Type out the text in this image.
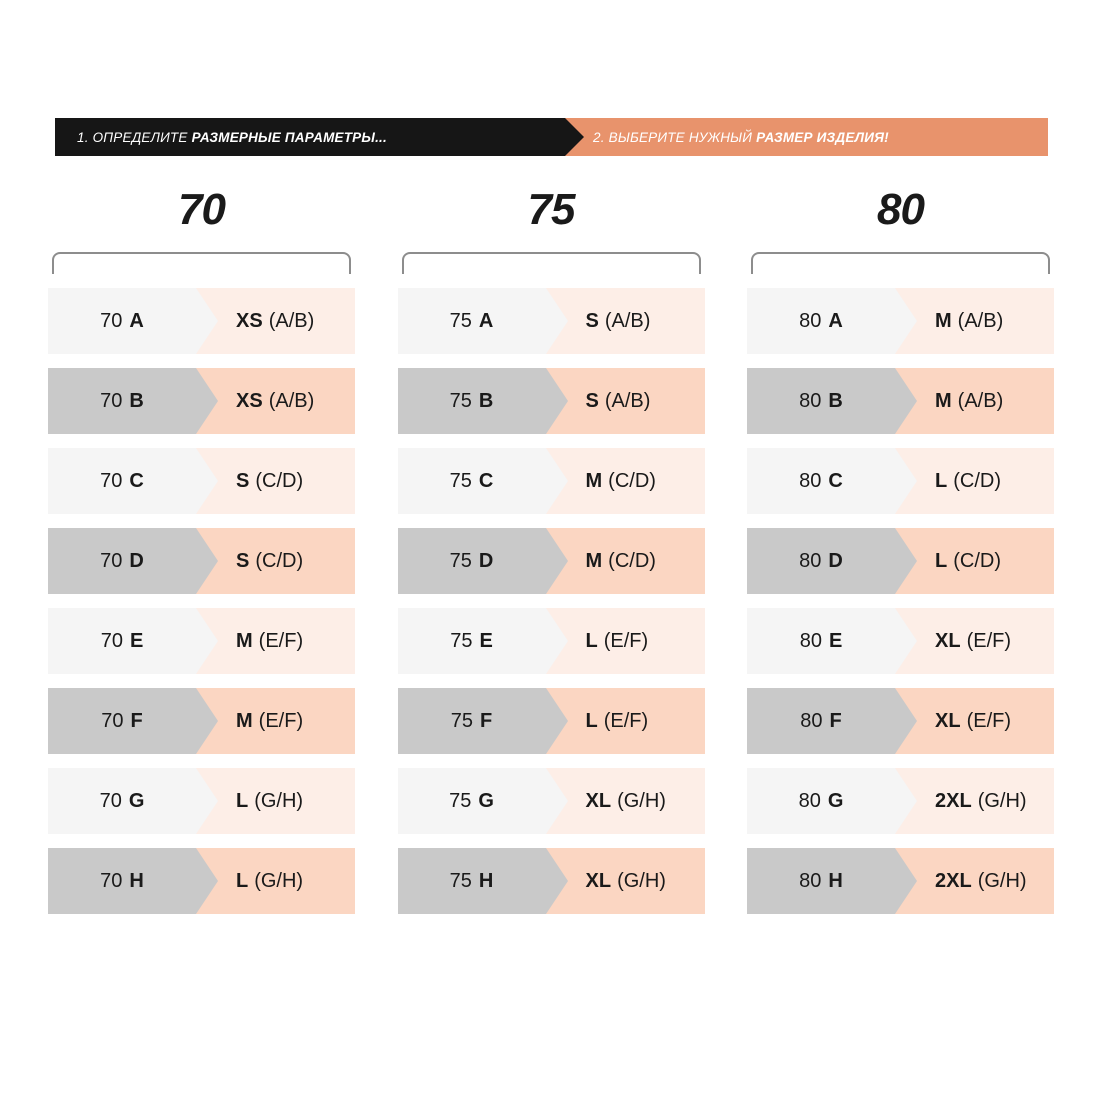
1. ОПРЕДЕЛИТЕ РАЗМЕРНЫЕ ПАРАМЕТРЫ...	2. ВЫБЕРИТЕ НУЖНЫЙ РАЗМЕР ИЗДЕЛИЯ!
70
70 A	XS (A/B)
70 B	XS (A/B)
70 C	S (C/D)
70 D	S (C/D)
70 E	M (E/F)
70 F	M (E/F)
70 G	L (G/H)
70 H	L (G/H)
75
75 A	S (A/B)
75 B	S (A/B)
75 C	M (C/D)
75 D	M (C/D)
75 E	L (E/F)
75 F	L (E/F)
75 G	XL (G/H)
75 H	XL (G/H)
80
80 A	M (A/B)
80 B	M (A/B)
80 C	L (C/D)
80 D	L (C/D)
80 E	XL (E/F)
80 F	XL (E/F)
80 G	2XL (G/H)
80 H	2XL (G/H)
